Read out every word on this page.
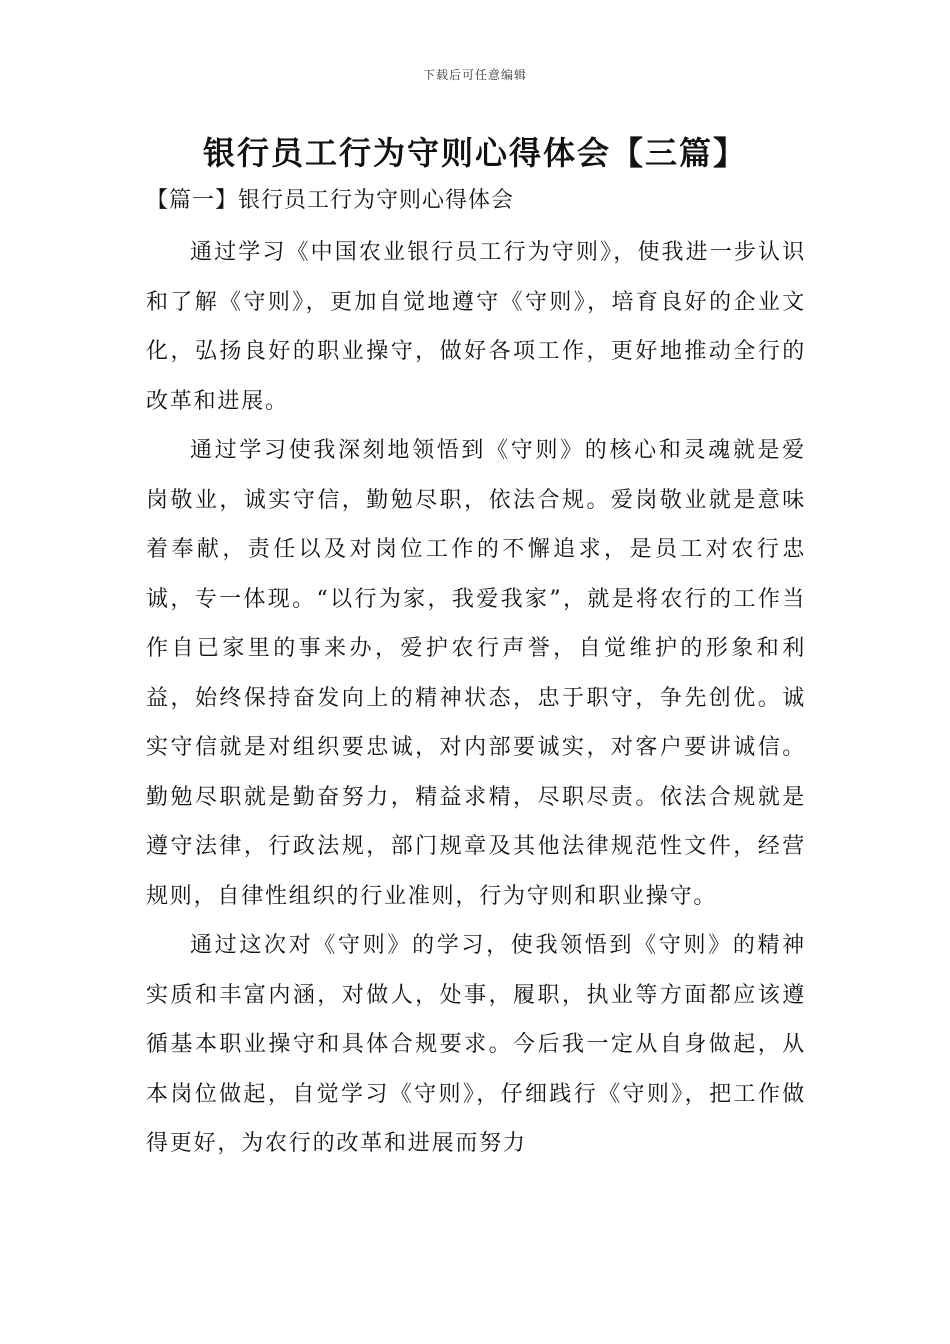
下载后可任意编辑
银行员工行为守则心得体会【三篇】
【篇一】银行员工行为守则心得体会

通过学习《中国农业银行员工行为守则》，使我进一步认识和了解《守则》，更加自觉地遵守《守则》，培育良好的企业文化，弘扬良好的职业操守，做好各项工作，更好地推动全行的改革和进展。

通过学习使我深刻地领悟到《守则》的核心和灵魂就是爱岗敬业，诚实守信，勤勉尽职，依法合规。爱岗敬业就是意味着奉献，责任以及对岗位工作的不懈追求，是员工对农行忠诚，专一体现。“以行为家，我爱我家”，就是将农行的工作当作自已家里的事来办，爱护农行声誉，自觉维护的形象和利益，始终保持奋发向上的精神状态，忠于职守，争先创优。诚实守信就是对组织要忠诚，对内部要诚实，对客户要讲诚信。勤勉尽职就是勤奋努力，精益求精，尽职尽责。依法合规就是遵守法律，行政法规，部门规章及其他法律规范性文件，经营规则，自律性组织的行业准则，行为守则和职业操守。

通过这次对《守则》的学习，使我领悟到《守则》的精神实质和丰富内涵，对做人，处事，履职，执业等方面都应该遵循基本职业操守和具体合规要求。今后我一定从自身做起，从本岗位做起，自觉学习《守则》，仔细践行《守则》，把工作做得更好，为农行的改革和进展而努力
